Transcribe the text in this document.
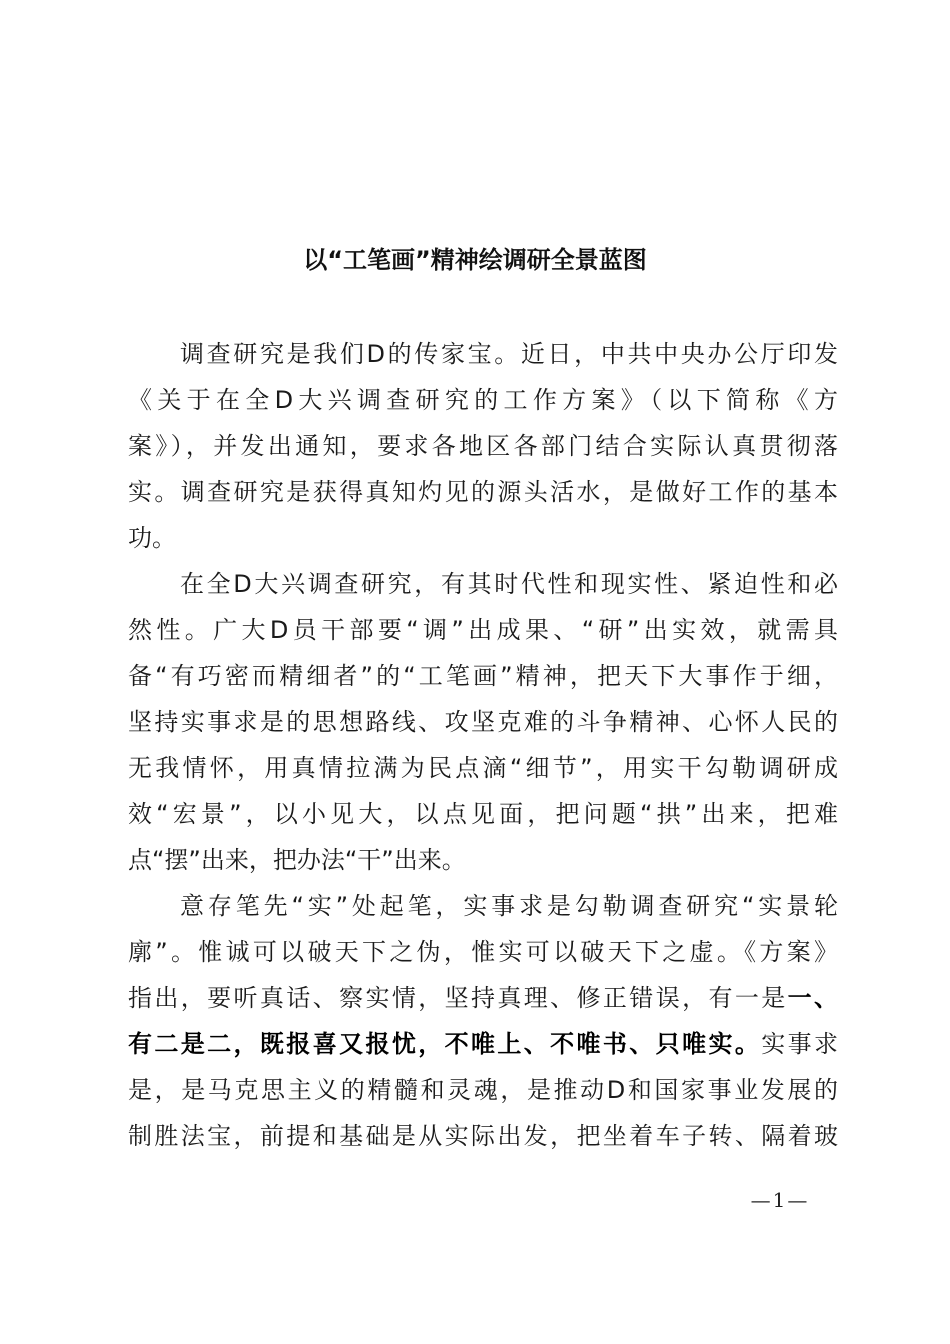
以“工笔画”精神绘调研全景蓝图
调查研究是我们D的传家宝。近日，中共中央办公厅印发
《关于在全D大兴调查研究的工作方案》（以下简称《方
案》），并发出通知，要求各地区各部门结合实际认真贯彻落
实。调查研究是获得真知灼见的源头活水，是做好工作的基本
功。
在全D大兴调查研究，有其时代性和现实性、紧迫性和必
然性。广大D员干部要“调”出成果、“研”出实效，就需具
备“有巧密而精细者”的“工笔画”精神，把天下大事作于细，
坚持实事求是的思想路线、攻坚克难的斗争精神、心怀人民的
无我情怀，用真情拉满为民点滴“细节”，用实干勾勒调研成
效“宏景”，以小见大，以点见面，把问题“拱”出来，把难
点“摆”出来，把办法“干”出来。
意存笔先“实”处起笔，实事求是勾勒调查研究“实景轮
廓”。惟诚可以破天下之伪，惟实可以破天下之虚。《方案》
指出，要听真话、察实情，坚持真理、修正错误，有一是一、
有二是二，既报喜又报忧，不唯上、不唯书、只唯实。实事求
是，是马克思主义的精髓和灵魂，是推动D和国家事业发展的
制胜法宝，前提和基础是从实际出发，把坐着车子转、隔着玻
—1—
